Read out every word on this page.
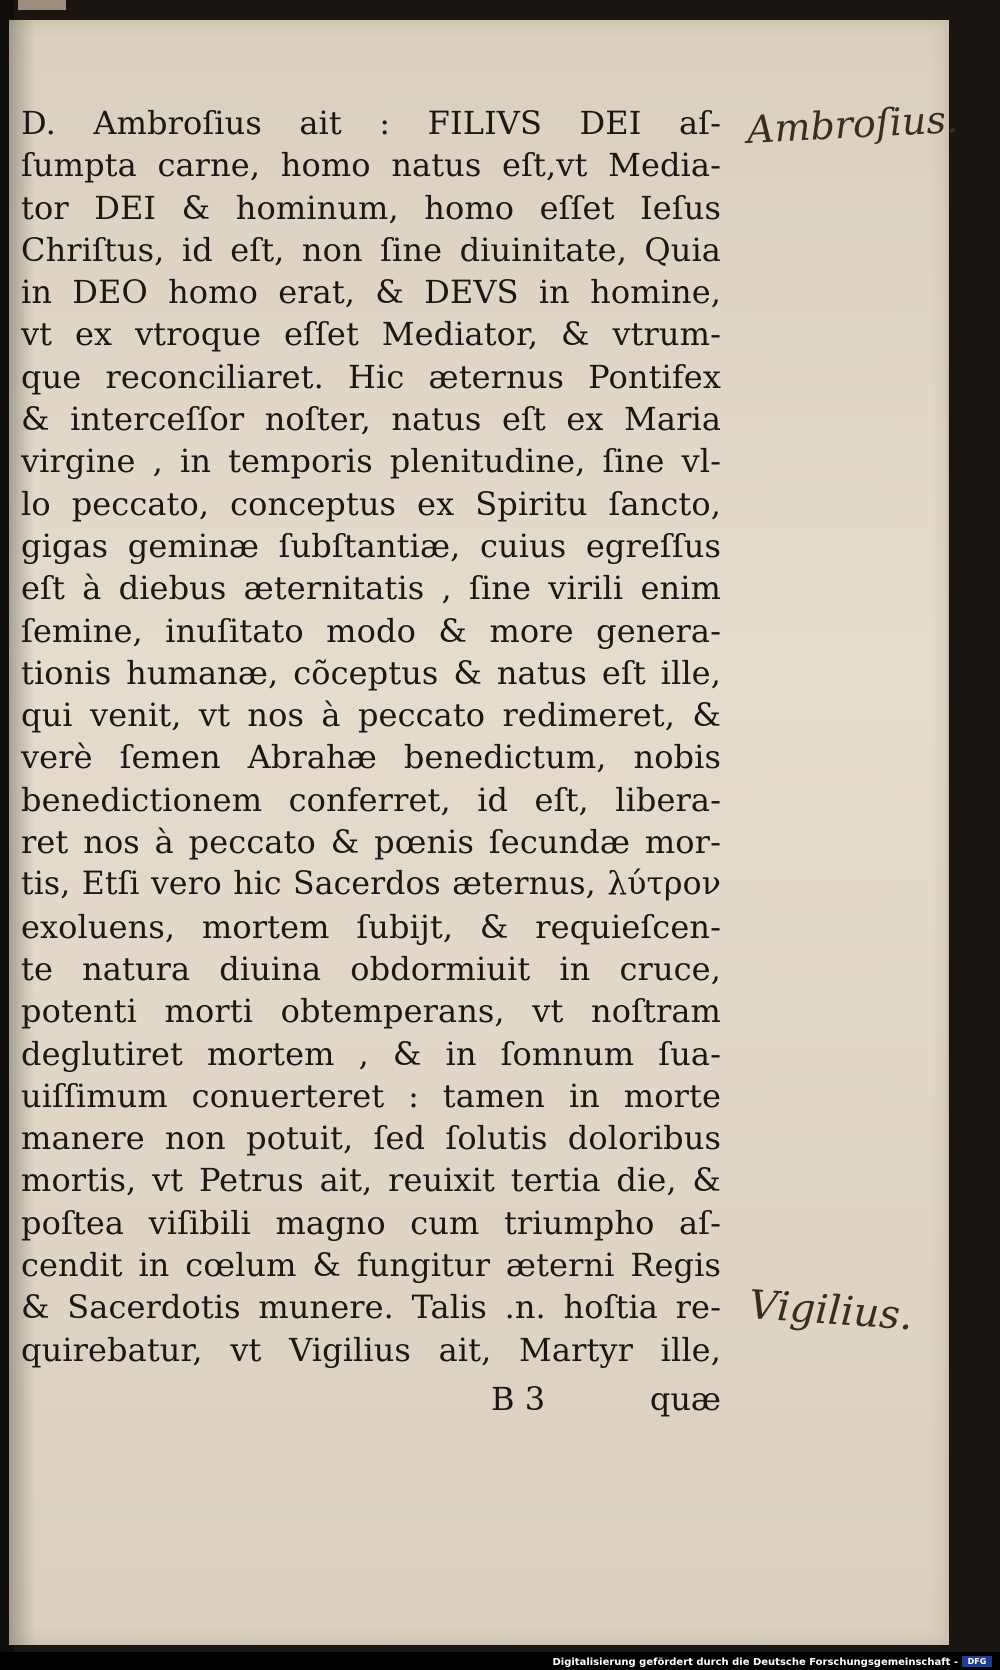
D. Ambroſius ait : FILIVS DEI aſ-
ſumpta carne, homo natus eſt,vt Media-
tor DEI & hominum, homo eſſet Ieſus
Chriſtus, id eſt, non ſine diuinitate, Quia
in DEO homo erat, & DEVS in homine,
vt ex vtroque eſſet Mediator, & vtrum-
que reconciliaret. Hic æternus Pontifex
& interceſſor noſter, natus eſt ex Maria
virgine , in temporis plenitudine, ſine vl-
lo peccato, conceptus ex Spiritu ſancto,
gigas geminæ ſubſtantiæ, cuius egreſſus
eſt à diebus æternitatis , ſine virili enim
ſemine, inuſitato modo & more genera-
tionis humanæ, cõceptus & natus eſt ille,
qui venit, vt nos à peccato redimeret, &
verè ſemen Abrahæ benedictum, nobis
benedictionem conferret, id eſt, libera-
ret nos à peccato & pœnis ſecundæ mor-
tis, Etſi vero hic Sacerdos æternus, λύτρον
exoluens, mortem ſubijt, & requieſcen-
te natura diuina obdormiuit in cruce,
potenti morti obtemperans, vt noſtram
deglutiret mortem , & in ſomnum ſua-
uiſſimum conuerteret : tamen in morte
manere non potuit, ſed ſolutis doloribus
mortis, vt Petrus ait, reuixit tertia die, &
poſtea viſibili magno cum triumpho aſ-
cendit in cœlum & fungitur æterni Regis
& Sacerdotis munere. Talis .n. hoſtia re-
quirebatur, vt Vigilius ait, Martyr ille,
B 3	quæ
Ambroſius.
Vigilius.
Digitalisierung gefördert durch die Deutsche Forschungsgemeinschaft -	DFG
